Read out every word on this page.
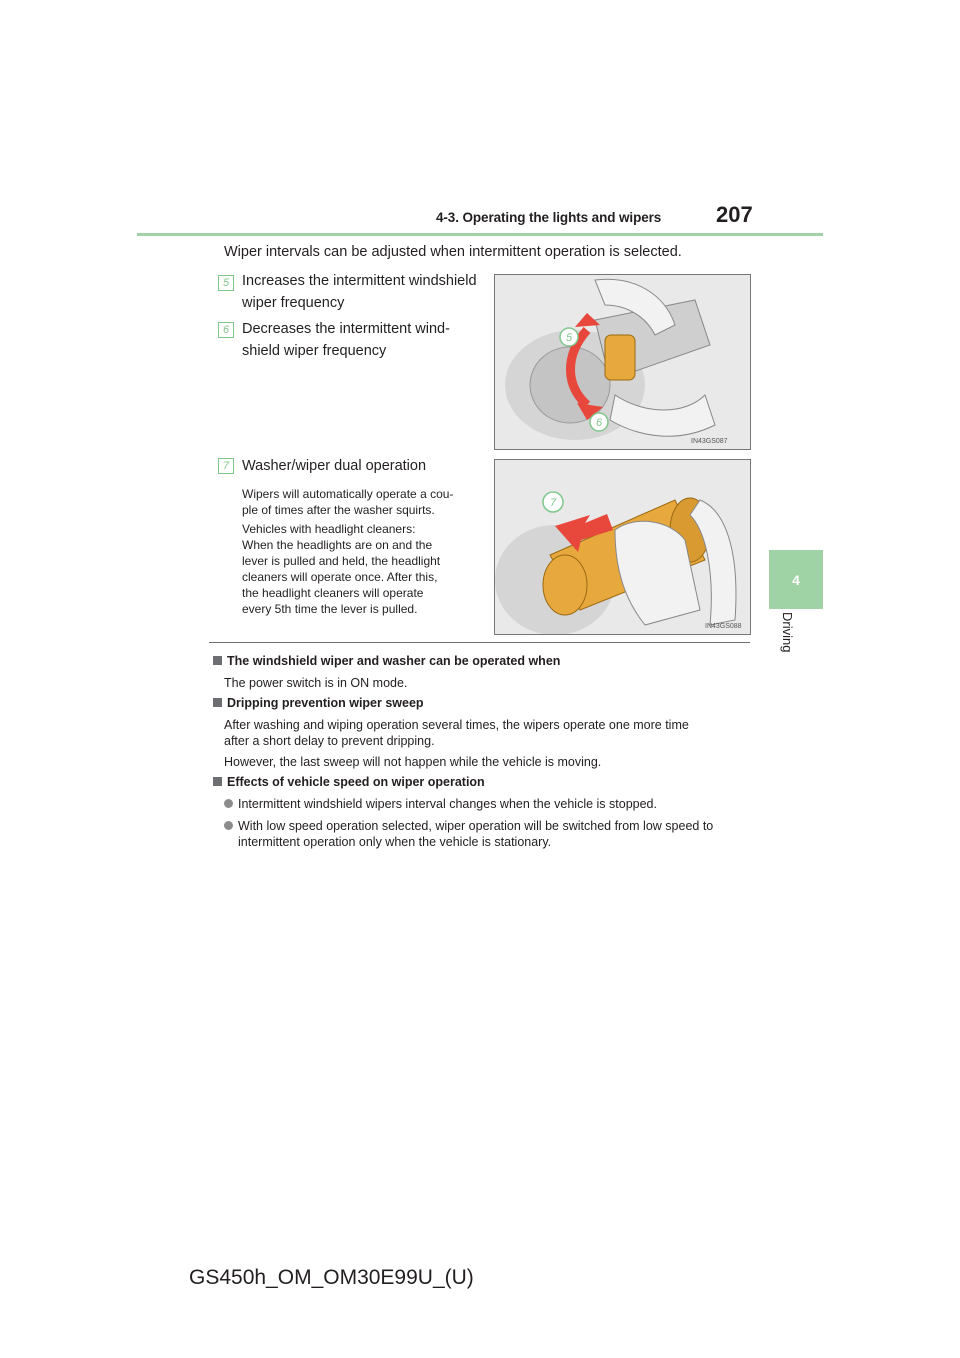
4-3. Operating the lights and wipers 207
4
Driving
Wiper intervals can be adjusted when intermittent operation is selected.
5 Increases the intermittent windshield
wiper frequency
6 Decreases the intermittent wind-
shield wiper frequency
5
6
IN43GS087
7 Washer/wiper dual operation
Wipers will automatically operate a cou-
ple of times after the washer squirts.
Vehicles with headlight cleaners:
When the headlights are on and the
lever is pulled and held, the headlight
cleaners will operate once. After this,
the headlight cleaners will operate
every 5th time the lever is pulled.
7
IN43GS088
The windshield wiper and washer can be operated when
The power switch is in ON mode.
Dripping prevention wiper sweep
After washing and wiping operation several times, the wipers operate one more time
after a short delay to prevent dripping.
However, the last sweep will not happen while the vehicle is moving.
Effects of vehicle speed on wiper operation
Intermittent windshield wipers interval changes when the vehicle is stopped.
With low speed operation selected, wiper operation will be switched from low speed to
intermittent operation only when the vehicle is stationary.
GS450h_OM_OM30E99U_(U)
